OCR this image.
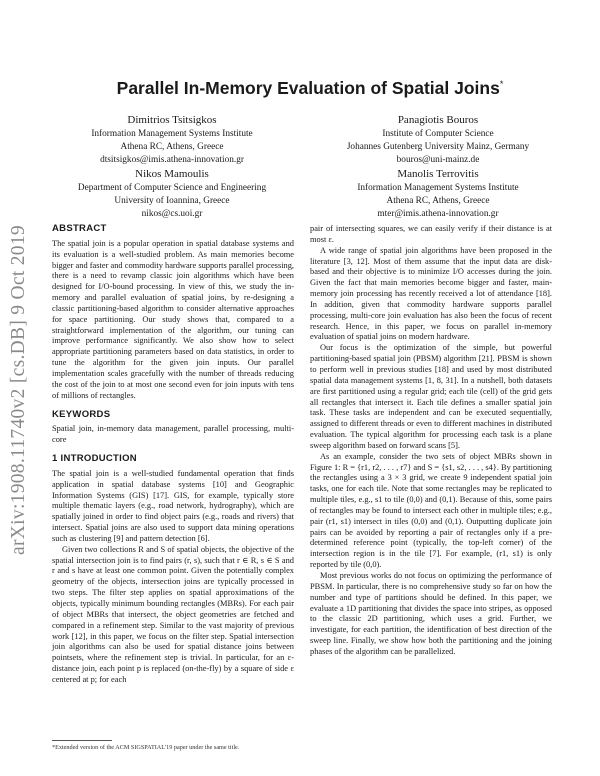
arXiv:1908.11740v2 [cs.DB] 9 Oct 2019
Parallel In-Memory Evaluation of Spatial Joins*
Dimitrios Tsitsigkos
Information Management Systems Institute
Athena RC, Athens, Greece
dtsitsigkos@imis.athena-innovation.gr
Panagiotis Bouros
Institute of Computer Science
Johannes Gutenberg University Mainz, Germany
bouros@uni-mainz.de
Nikos Mamoulis
Department of Computer Science and Engineering
University of Ioannina, Greece
nikos@cs.uoi.gr
Manolis Terrovitis
Information Management Systems Institute
Athena RC, Athens, Greece
mter@imis.athena-innovation.gr
ABSTRACT

The spatial join is a popular operation in spatial database systems and its evaluation is a well-studied problem. As main memories become bigger and faster and commodity hardware supports parallel processing, there is a need to revamp classic join algorithms which have been designed for I/O-bound processing. In view of this, we study the in-memory and parallel evaluation of spatial joins, by re-designing a classic partitioning-based algorithm to consider alternative approaches for space partitioning. Our study shows that, compared to a straightforward implementation of the algorithm, our tuning can improve performance significantly. We also show how to select appropriate partitioning parameters based on data statistics, in order to tune the algorithm for the given join inputs. Our parallel implementation scales gracefully with the number of threads reducing the cost of the join to at most one second even for join inputs with tens of millions of rectangles.

KEYWORDS

Spatial join, in-memory data management, parallel processing, multi-core

1 INTRODUCTION

The spatial join is a well-studied fundamental operation that finds application in spatial database systems [10] and Geographic Information Systems (GIS) [17]. GIS, for example, typically store multiple thematic layers (e.g., road network, hydrography), which are spatially joined in order to find object pairs (e.g., roads and rivers) that intersect. Spatial joins are also used to support data mining operations such as clustering [9] and pattern detection [6].

Given two collections R and S of spatial objects, the objective of the spatial intersection join is to find pairs (r, s), such that r ∈ R, s ∈ S and r and s have at least one common point. Given the potentially complex geometry of the objects, intersection joins are typically processed in two steps. The filter step applies on spatial approximations of the objects, typically minimum bounding rectangles (MBRs). For each pair of object MBRs that intersect, the object geometries are fetched and compared in a refinement step. Similar to the vast majority of previous work [12], in this paper, we focus on the filter step. Spatial intersection join algorithms can also be used for spatial distance joins between pointsets, where the refinement step is trivial. In particular, for an ε-distance join, each point p is replaced (on-the-fly) by a square of side ε centered at p; for each

pair of intersecting squares, we can easily verify if their distance is at most ε.

A wide range of spatial join algorithms have been proposed in the literature [3, 12]. Most of them assume that the input data are disk-based and their objective is to minimize I/O accesses during the join. Given the fact that main memories become bigger and faster, main-memory join processing has recently received a lot of attendance [18]. In addition, given that commodity hardware supports parallel processing, multi-core join evaluation has also been the focus of recent research. Hence, in this paper, we focus on parallel in-memory evaluation of spatial joins on modern hardware.

Our focus is the optimization of the simple, but powerful partitioning-based spatial join (PBSM) algorithm [21]. PBSM is shown to perform well in previous studies [18] and used by most distributed spatial data management systems [1, 8, 31]. In a nutshell, both datasets are first partitioned using a regular grid; each tile (cell) of the grid gets all rectangles that intersect it. Each tile defines a smaller spatial join task. These tasks are independent and can be executed sequentially, assigned to different threads or even to different machines in distributed evaluation. The typical algorithm for processing each task is a plane sweep algorithm based on forward scans [5].

As an example, consider the two sets of object MBRs shown in Figure 1: R = {r1, r2, . . . , r7} and S = {s1, s2, . . . , s4}. By partitioning the rectangles using a 3 × 3 grid, we create 9 independent spatial join tasks, one for each tile. Note that some rectangles may be replicated to multiple tiles, e.g., s1 to tile (0,0) and (0,1). Because of this, some pairs of rectangles may be found to intersect each other in multiple tiles; e.g., pair (r1, s1) intersect in tiles (0,0) and (0,1). Outputting duplicate join pairs can be avoided by reporting a pair of rectangles only if a pre-determined reference point (typically, the top-left corner) of the intersection region is in the tile [7]. For example, (r1, s1) is only reported by tile (0,0).

Most previous works do not focus on optimizing the performance of PBSM. In particular, there is no comprehensive study so far on how the number and type of partitions should be defined. In this paper, we evaluate a 1D partitioning that divides the space into stripes, as opposed to the classic 2D partitioning, which uses a grid. Further, we investigate, for each partition, the identification of best direction of the sweep line. Finally, we show how both the partitioning and the joining phases of the algorithm can be parallelized.

*Extended version of the ACM SIGSPATIAL'19 paper under the same title.
